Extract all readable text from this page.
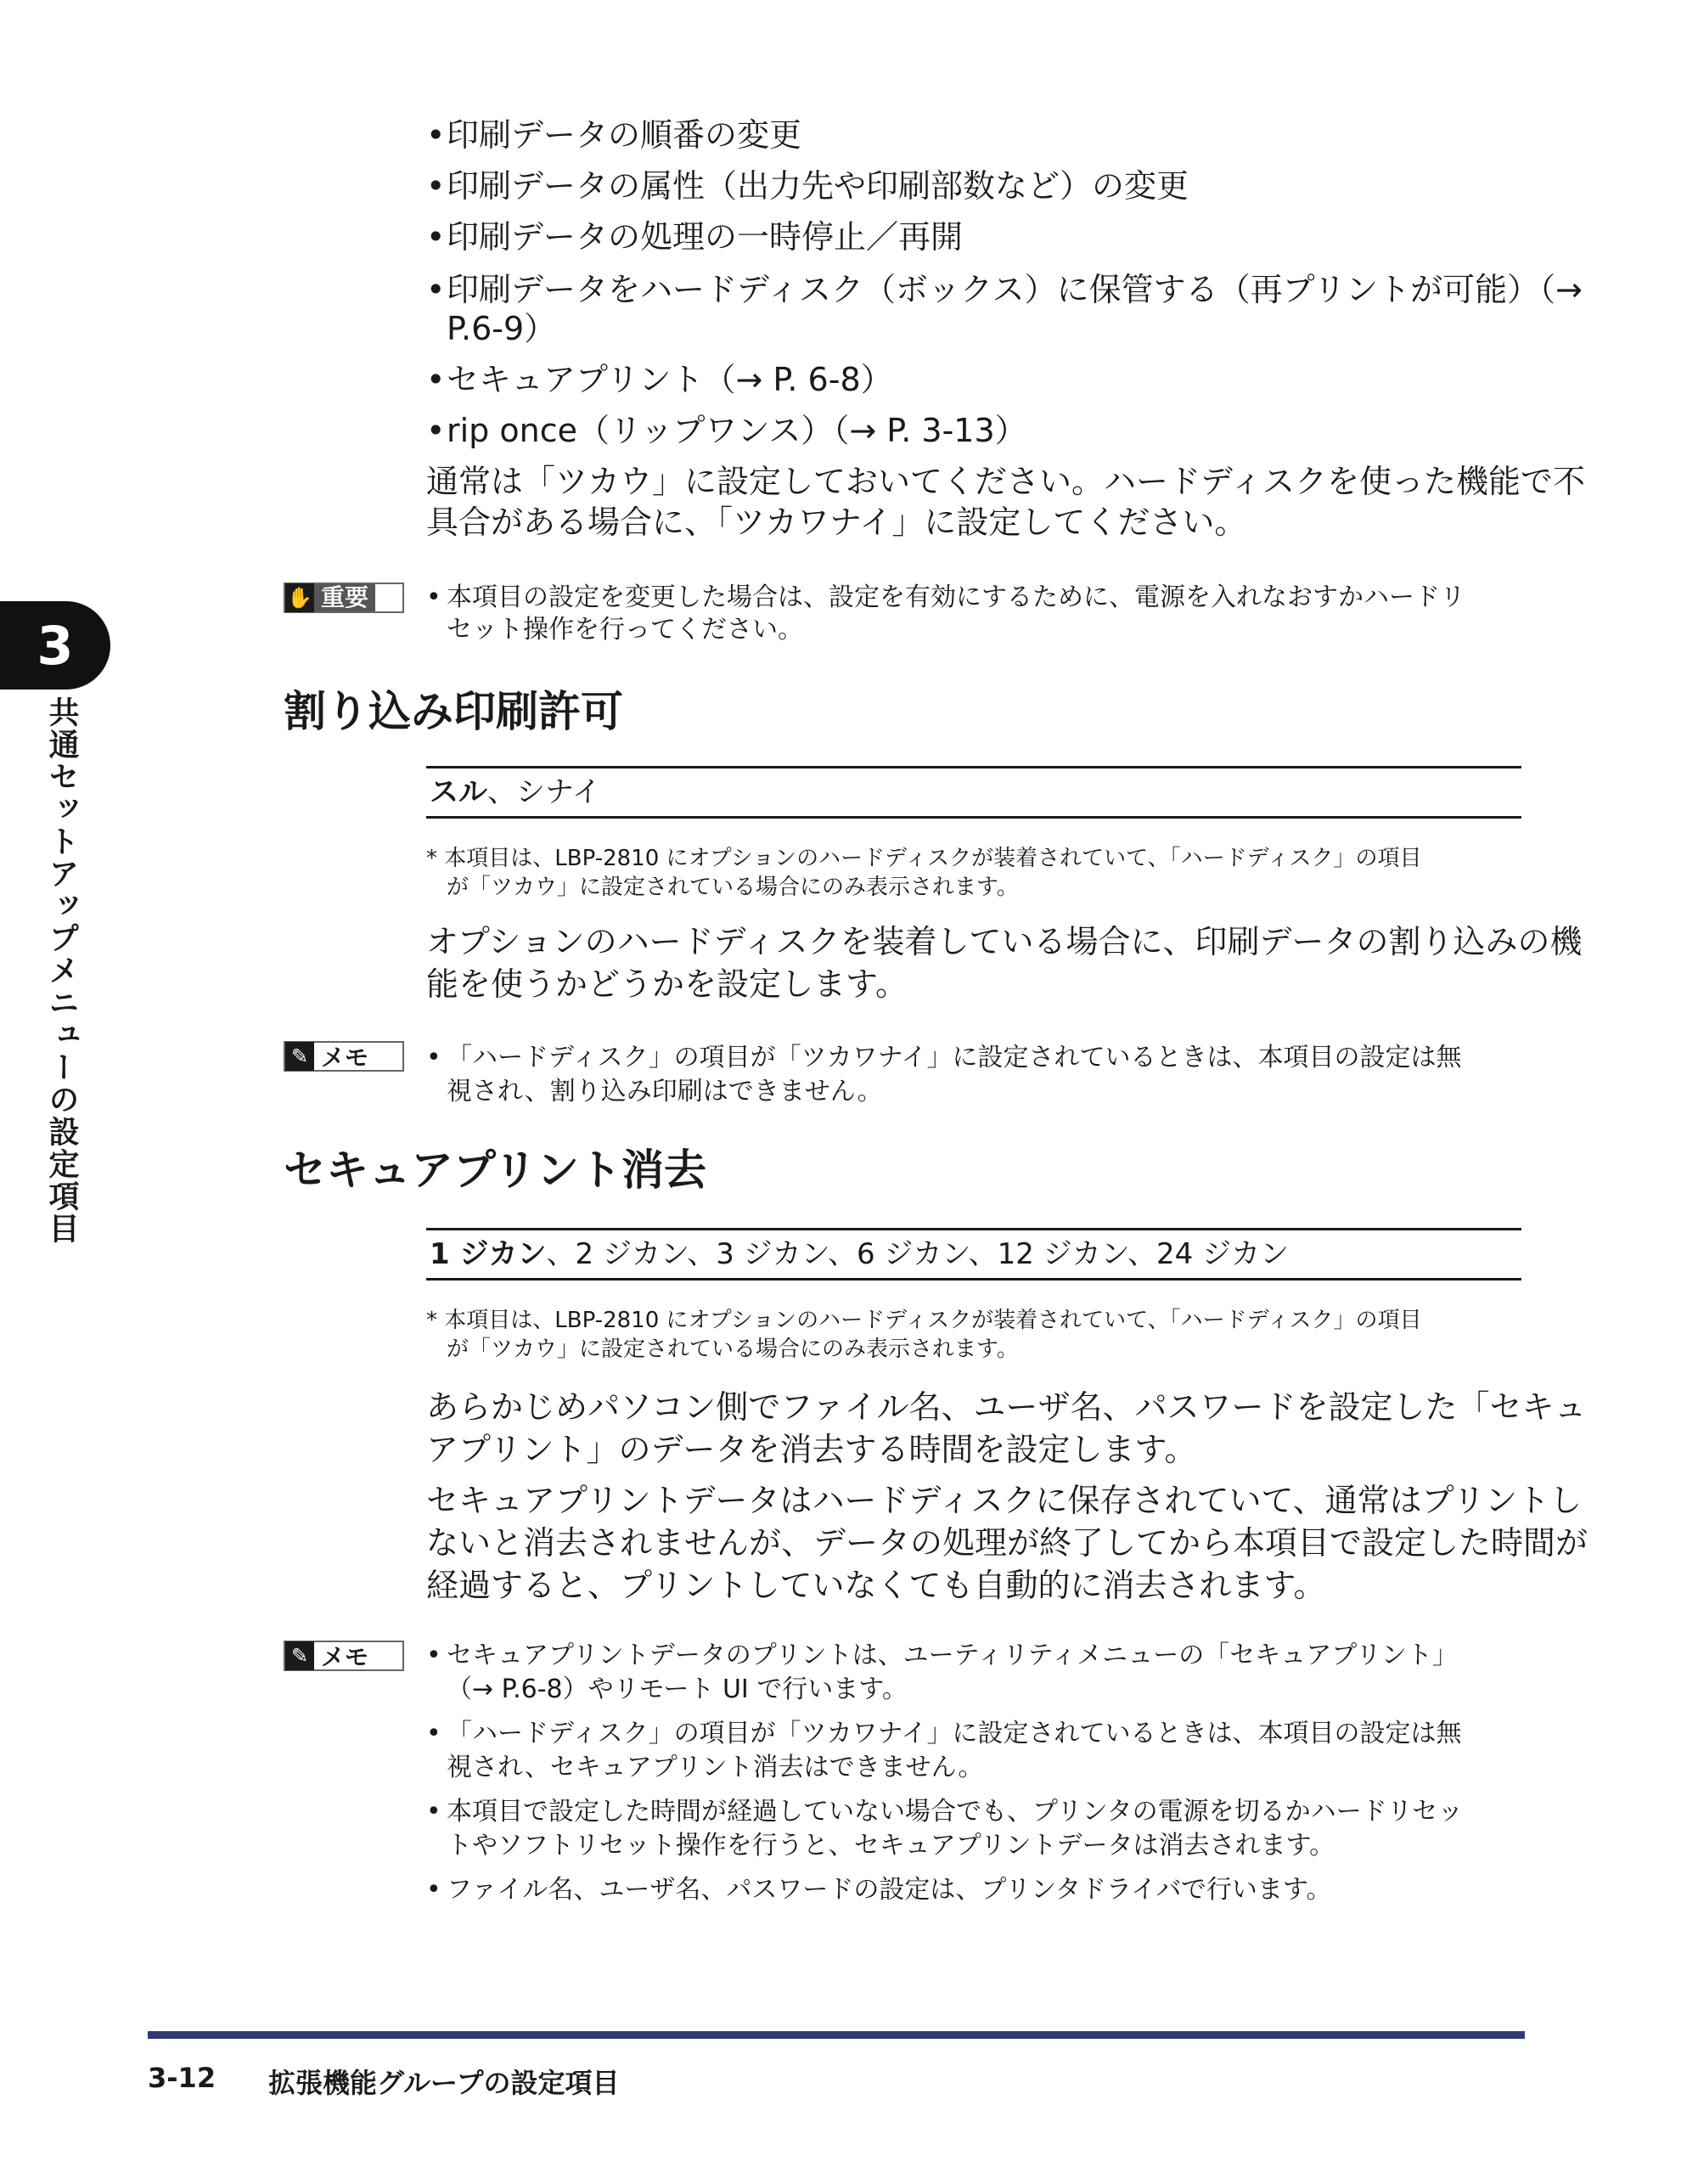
3
共通セットアップメニューの設定項目
• 印刷データの順番の変更
• 印刷データの属性（出力先や印刷部数など）の変更
• 印刷データの処理の一時停止／再開
• 印刷データをハードディスク（ボックス）に保管する（再プリントが可能）（→
P.6-9）
• セキュアプリント（→ P. 6-8）
• rip once（リップワンス）（→ P. 3-13）
通常は「ツカウ」に設定しておいてください。ハードディスクを使った機能で不
具合がある場合に、「ツカワナイ」に設定してください。
✋ 重要	• 本項目の設定を変更した場合は、設定を有効にするために、電源を入れなおすかハードリ
セット操作を行ってください。
割り込み印刷許可
スル、シナイ
* 本項目は、LBP-2810 にオプションのハードディスクが装着されていて、「ハードディスク」の項目
が「ツカウ」に設定されている場合にのみ表示されます。
オプションのハードディスクを装着している場合に、印刷データの割り込みの機
能を使うかどうかを設定します。
✎ メモ	• 「ハードディスク」の項目が「ツカワナイ」に設定されているときは、本項目の設定は無
視され、割り込み印刷はできません。
セキュアプリント消去
1 ジカン、2 ジカン、3 ジカン、6 ジカン、12 ジカン、24 ジカン
* 本項目は、LBP-2810 にオプションのハードディスクが装着されていて、「ハードディスク」の項目
が「ツカウ」に設定されている場合にのみ表示されます。
あらかじめパソコン側でファイル名、ユーザ名、パスワードを設定した「セキュ
アプリント」のデータを消去する時間を設定します。
セキュアプリントデータはハードディスクに保存されていて、通常はプリントし
ないと消去されませんが、データの処理が終了してから本項目で設定した時間が
経過すると、プリントしていなくても自動的に消去されます。
✎ メモ	• セキュアプリントデータのプリントは、ユーティリティメニューの「セキュアプリント」
（→ P.6-8）やリモート UI で行います。
• 「ハードディスク」の項目が「ツカワナイ」に設定されているときは、本項目の設定は無
視され、セキュアプリント消去はできません。
• 本項目で設定した時間が経過していない場合でも、プリンタの電源を切るかハードリセッ
トやソフトリセット操作を行うと、セキュアプリントデータは消去されます。
• ファイル名、ユーザ名、パスワードの設定は、プリンタドライバで行います。
3-12 拡張機能グループの設定項目
